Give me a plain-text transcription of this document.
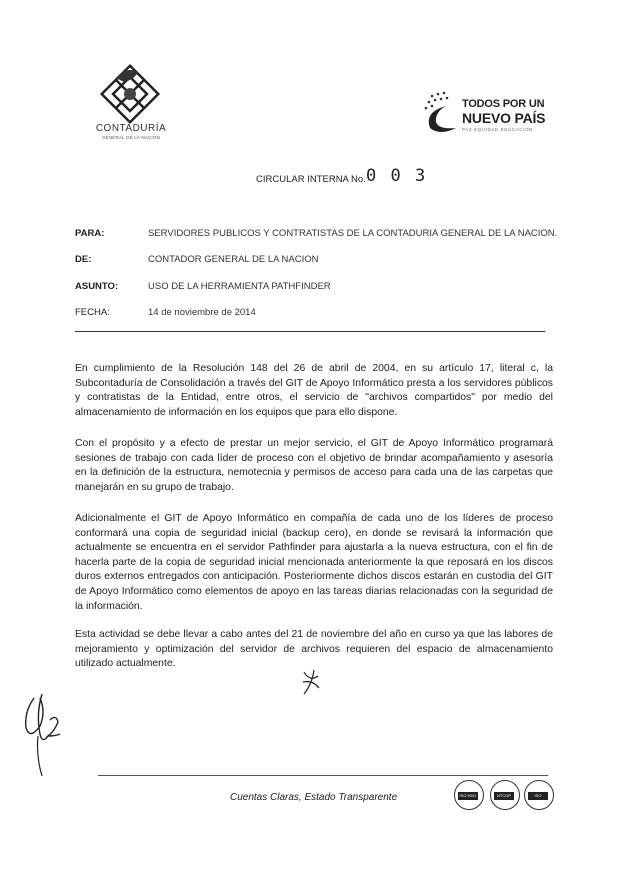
CONTADURÍA
GENERAL DE LA NACIÓN
TODOS POR UN
NUEVO PAÍS
PAZ EQUIDAD EDUCACIÓN
CIRCULAR INTERNA No. 0 0 3
PARA:	SERVIDORES PUBLICOS Y CONTRATISTAS DE LA CONTADURIA GENERAL DE LA NACION.
DE:	CONTADOR GENERAL DE LA NACION
ASUNTO:	USO DE LA HERRAMIENTA PATHFINDER
FECHA:	14 de noviembre de 2014
En cumplimiento de la Resolución 148 del 26 de abril de 2004, en su artículo 17, literal c, la Subcontaduría de Consolidación a través del GIT de Apoyo Informático presta a los servidores públicos y contratistas de la Entidad, entre otros, el servicio de "archivos compartidos" por medio del almacenamiento de información en los equipos que para ello dispone.
Con el propósito y a efecto de prestar un mejor servicio, el GIT de Apoyo Informático programará sesiones de trabajo con cada líder de proceso con el objetivo de brindar acompañamiento y asesoría en la definición de la estructura, nemotecnia y permisos de acceso para cada una de las carpetas que manejarán en su grupo de trabajo.
Adicionalmente el GIT de Apoyo Informático en compañía de cada uno de los líderes de proceso conformará una copia de seguridad inicial (backup cero), en donde se revisará la información que actualmente se encuentra en el servidor Pathfinder para ajustarla a la nueva estructura, con el fin de hacerla parte de la copia de seguridad inicial mencionada anteriormente la que reposará en los discos duros externos entregados con anticipación. Posteriormente dichos discos estarán en custodia del GIT de Apoyo Informático como elementos de apoyo en las tareas diarias relacionadas con la seguridad de la información.
Esta actividad se debe llevar a cabo antes del 21 de noviembre del año en curso ya que las labores de mejoramiento y optimización del servidor de archivos requieren del espacio de almacenamiento utilizado actualmente.
Cuentas Claras, Estado Transparente	ISO 9001	NTCGP	ISO
